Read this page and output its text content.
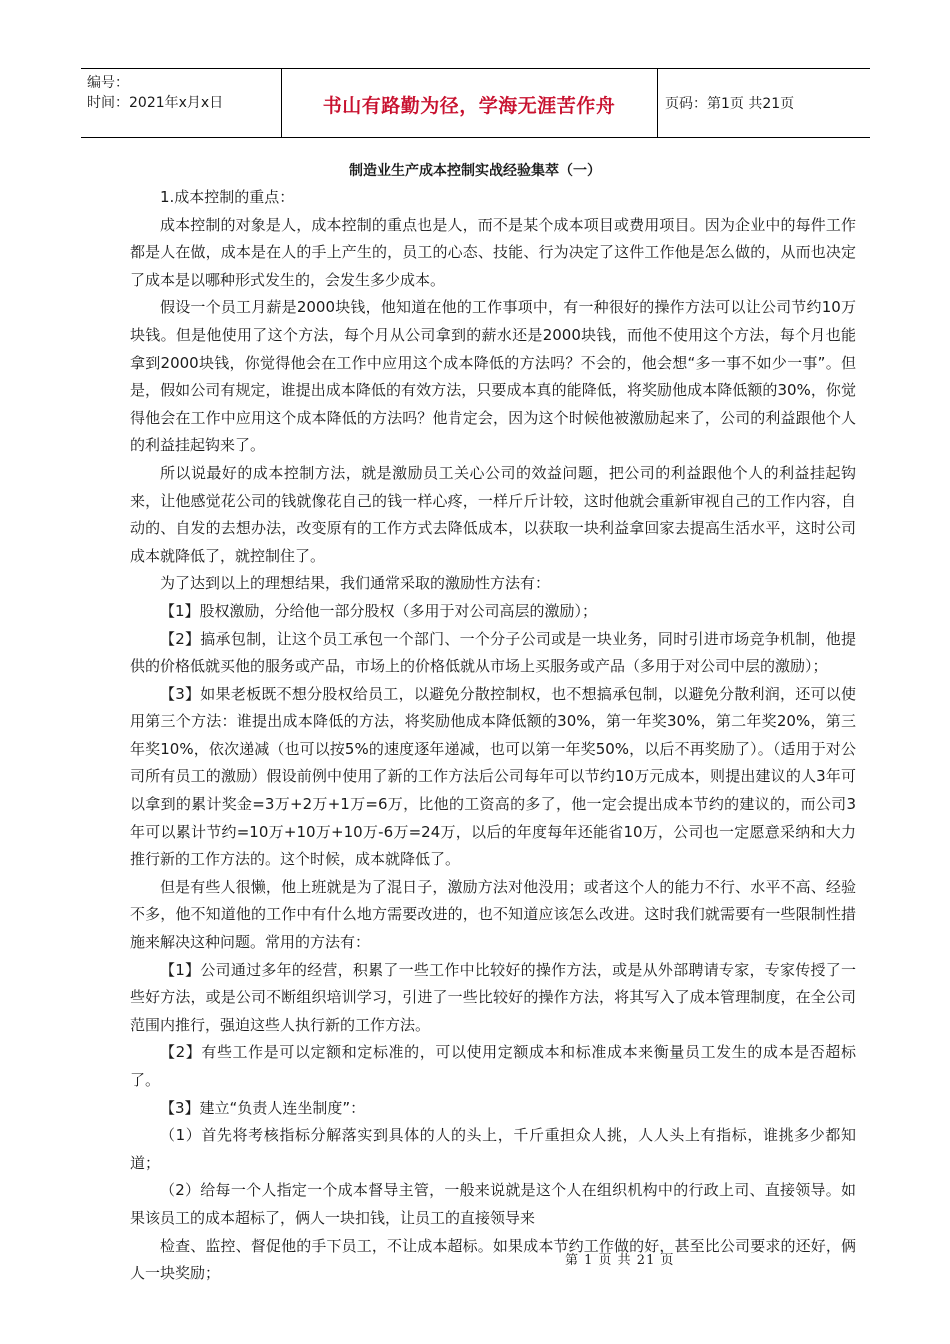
编号：
时间：2021年x月x日	书山有路勤为径，学海无涯苦作舟	页码：第1页 共21页
制造业生产成本控制实战经验集萃（一）

1.成本控制的重点：

成本控制的对象是人，成本控制的重点也是人，而不是某个成本项目或费用项目。因为企业中的每件工作都是人在做，成本是在人的手上产生的，员工的心态、技能、行为决定了这件工作他是怎么做的，从而也决定了成本是以哪种形式发生的，会发生多少成本。

假设一个员工月薪是2000块钱，他知道在他的工作事项中，有一种很好的操作方法可以让公司节约10万块钱。但是他使用了这个方法，每个月从公司拿到的薪水还是2000块钱，而他不使用这个方法，每个月也能拿到2000块钱，你觉得他会在工作中应用这个成本降低的方法吗？不会的，他会想“多一事不如少一事”。但是，假如公司有规定，谁提出成本降低的有效方法，只要成本真的能降低，将奖励他成本降低额的30%，你觉得他会在工作中应用这个成本降低的方法吗？他肯定会，因为这个时候他被激励起来了，公司的利益跟他个人的利益挂起钩来了。

所以说最好的成本控制方法，就是激励员工关心公司的效益问题，把公司的利益跟他个人的利益挂起钩来，让他感觉花公司的钱就像花自己的钱一样心疼，一样斤斤计较，这时他就会重新审视自己的工作内容，自动的、自发的去想办法，改变原有的工作方式去降低成本，以获取一块利益拿回家去提高生活水平，这时公司成本就降低了，就控制住了。

为了达到以上的理想结果，我们通常采取的激励性方法有：

【1】股权激励，分给他一部分股权（多用于对公司高层的激励）；

【2】搞承包制，让这个员工承包一个部门、一个分子公司或是一块业务，同时引进市场竞争机制，他提供的价格低就买他的服务或产品，市场上的价格低就从市场上买服务或产品（多用于对公司中层的激励）；

【3】如果老板既不想分股权给员工，以避免分散控制权，也不想搞承包制，以避免分散利润，还可以使用第三个方法：谁提出成本降低的方法，将奖励他成本降低额的30%，第一年奖30%，第二年奖20%，第三年奖10%，依次递减（也可以按5%的速度逐年递减，也可以第一年奖50%，以后不再奖励了）。（适用于对公司所有员工的激励）假设前例中使用了新的工作方法后公司每年可以节约10万元成本，则提出建议的人3年可以拿到的累计奖金=3万+2万+1万=6万，比他的工资高的多了，他一定会提出成本节约的建议的，而公司3年可以累计节约=10万+10万+10万-6万=24万，以后的年度每年还能省10万，公司也一定愿意采纳和大力推行新的工作方法的。这个时候，成本就降低了。

但是有些人很懒，他上班就是为了混日子，激励方法对他没用；或者这个人的能力不行、水平不高、经验不多，他不知道他的工作中有什么地方需要改进的，也不知道应该怎么改进。这时我们就需要有一些限制性措施来解决这种问题。常用的方法有：

【1】公司通过多年的经营，积累了一些工作中比较好的操作方法，或是从外部聘请专家，专家传授了一些好方法，或是公司不断组织培训学习，引进了一些比较好的操作方法，将其写入了成本管理制度，在全公司范围内推行，强迫这些人执行新的工作方法。

【2】有些工作是可以定额和定标准的，可以使用定额成本和标准成本来衡量员工发生的成本是否超标了。

【3】建立“负责人连坐制度”：

（1）首先将考核指标分解落实到具体的人的头上，千斤重担众人挑，人人头上有指标，谁挑多少都知道；

（2）给每一个人指定一个成本督导主管，一般来说就是这个人在组织机构中的行政上司、直接领导。如果该员工的成本超标了，俩人一块扣钱，让员工的直接领导来

检查、监控、督促他的手下员工，不让成本超标。如果成本节约工作做的好，甚至比公司要求的还好，俩人一块奖励；

第 1 页 共 21 页
